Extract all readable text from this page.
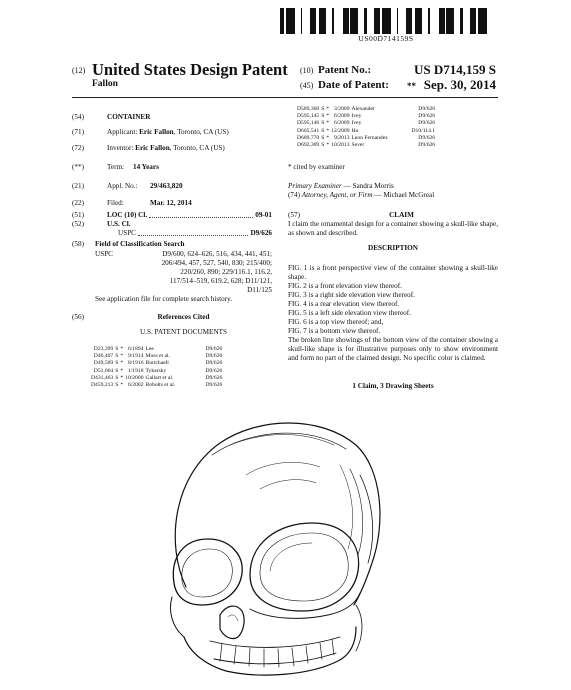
US00D714159S
(12) United States Design Patent
Fallon
(10) Patent No.:	US D714,159 S
(45) Date of Patent: ** Sep. 30, 2014
(54)	CONTAINER
(71)	Applicant: Eric Fallon, Toronto, CA (US)
(72)	Inventor: Eric Fallon, Toronto, CA (US)
(**)	Term: 14 Years
(21)	Appl. No.: 29/463,820
(22)	Filed:	Mar. 12, 2014
(51)	LOC (10) Cl.	09-01
(52)	U.S. Cl.
USPC	D9/626
(58) Field of Classification Search
USPC	D9/600, 624–626, 516, 434, 441, 451;
206/494, 457, 527, 540, 830; 215/400;
220/260, 890; 229/116.1, 116.2,
117/514–519, 619.2, 628; D11/121,
D11/125
See application file for complete search history.
(56)	References Cited
U.S. PATENT DOCUMENTS
D23,399	S	*	6/1894	Lee	D9/626
D46,407	S	*	9/1914	Moss et al.	D9/626
D49,569	S	*	8/1916	Burtchaell	D9/626
D51,664	S	*	1/1918	Tykarsky	D9/626
D431,463	S	*	10/2000	Gallart et al.	D9/626
D459,213	S	*	6/2002	Bobolts et al.	D9/626
D589,360	S	*	3/2009	Alexander	D9/626
D595,145	S	*	6/2009	Ivey	D9/626
D595,146	S	*	6/2009	Ivey	D9/626
D605,541	S	*	12/2009	Hu	D10/114.1
D689,770	S	*	9/2013	Leon Fernandez	D9/626
D692,309	S	*	10/2013	Sever	D9/626
* cited by examiner
Primary Examiner — Sandra Morris
(74) Attorney, Agent, or Firm — Michael McGreal
(57)	CLAIM
I claim the ornamental design for a container showing a skull-like shape, as shown and described.
DESCRIPTION
FIG. 1 is a front perspective view of the container showing a skull-like shape.
FIG. 2 is a front elevation view thereof.
FIG. 3 is a right side elevation view thereof.
FIG. 4 is a rear elevation view thereof.
FIG. 5 is a left side elevation view thereof.
FIG. 6 is a top view thereof; and,
FIG. 7 is a bottom view thereof.
The broken line showings of the bottom view of the container showing a skull-like shape is for illustrative purposes only to show environment and form no part of the claimed design. No specific color is claimed.
1 Claim, 3 Drawing Sheets
